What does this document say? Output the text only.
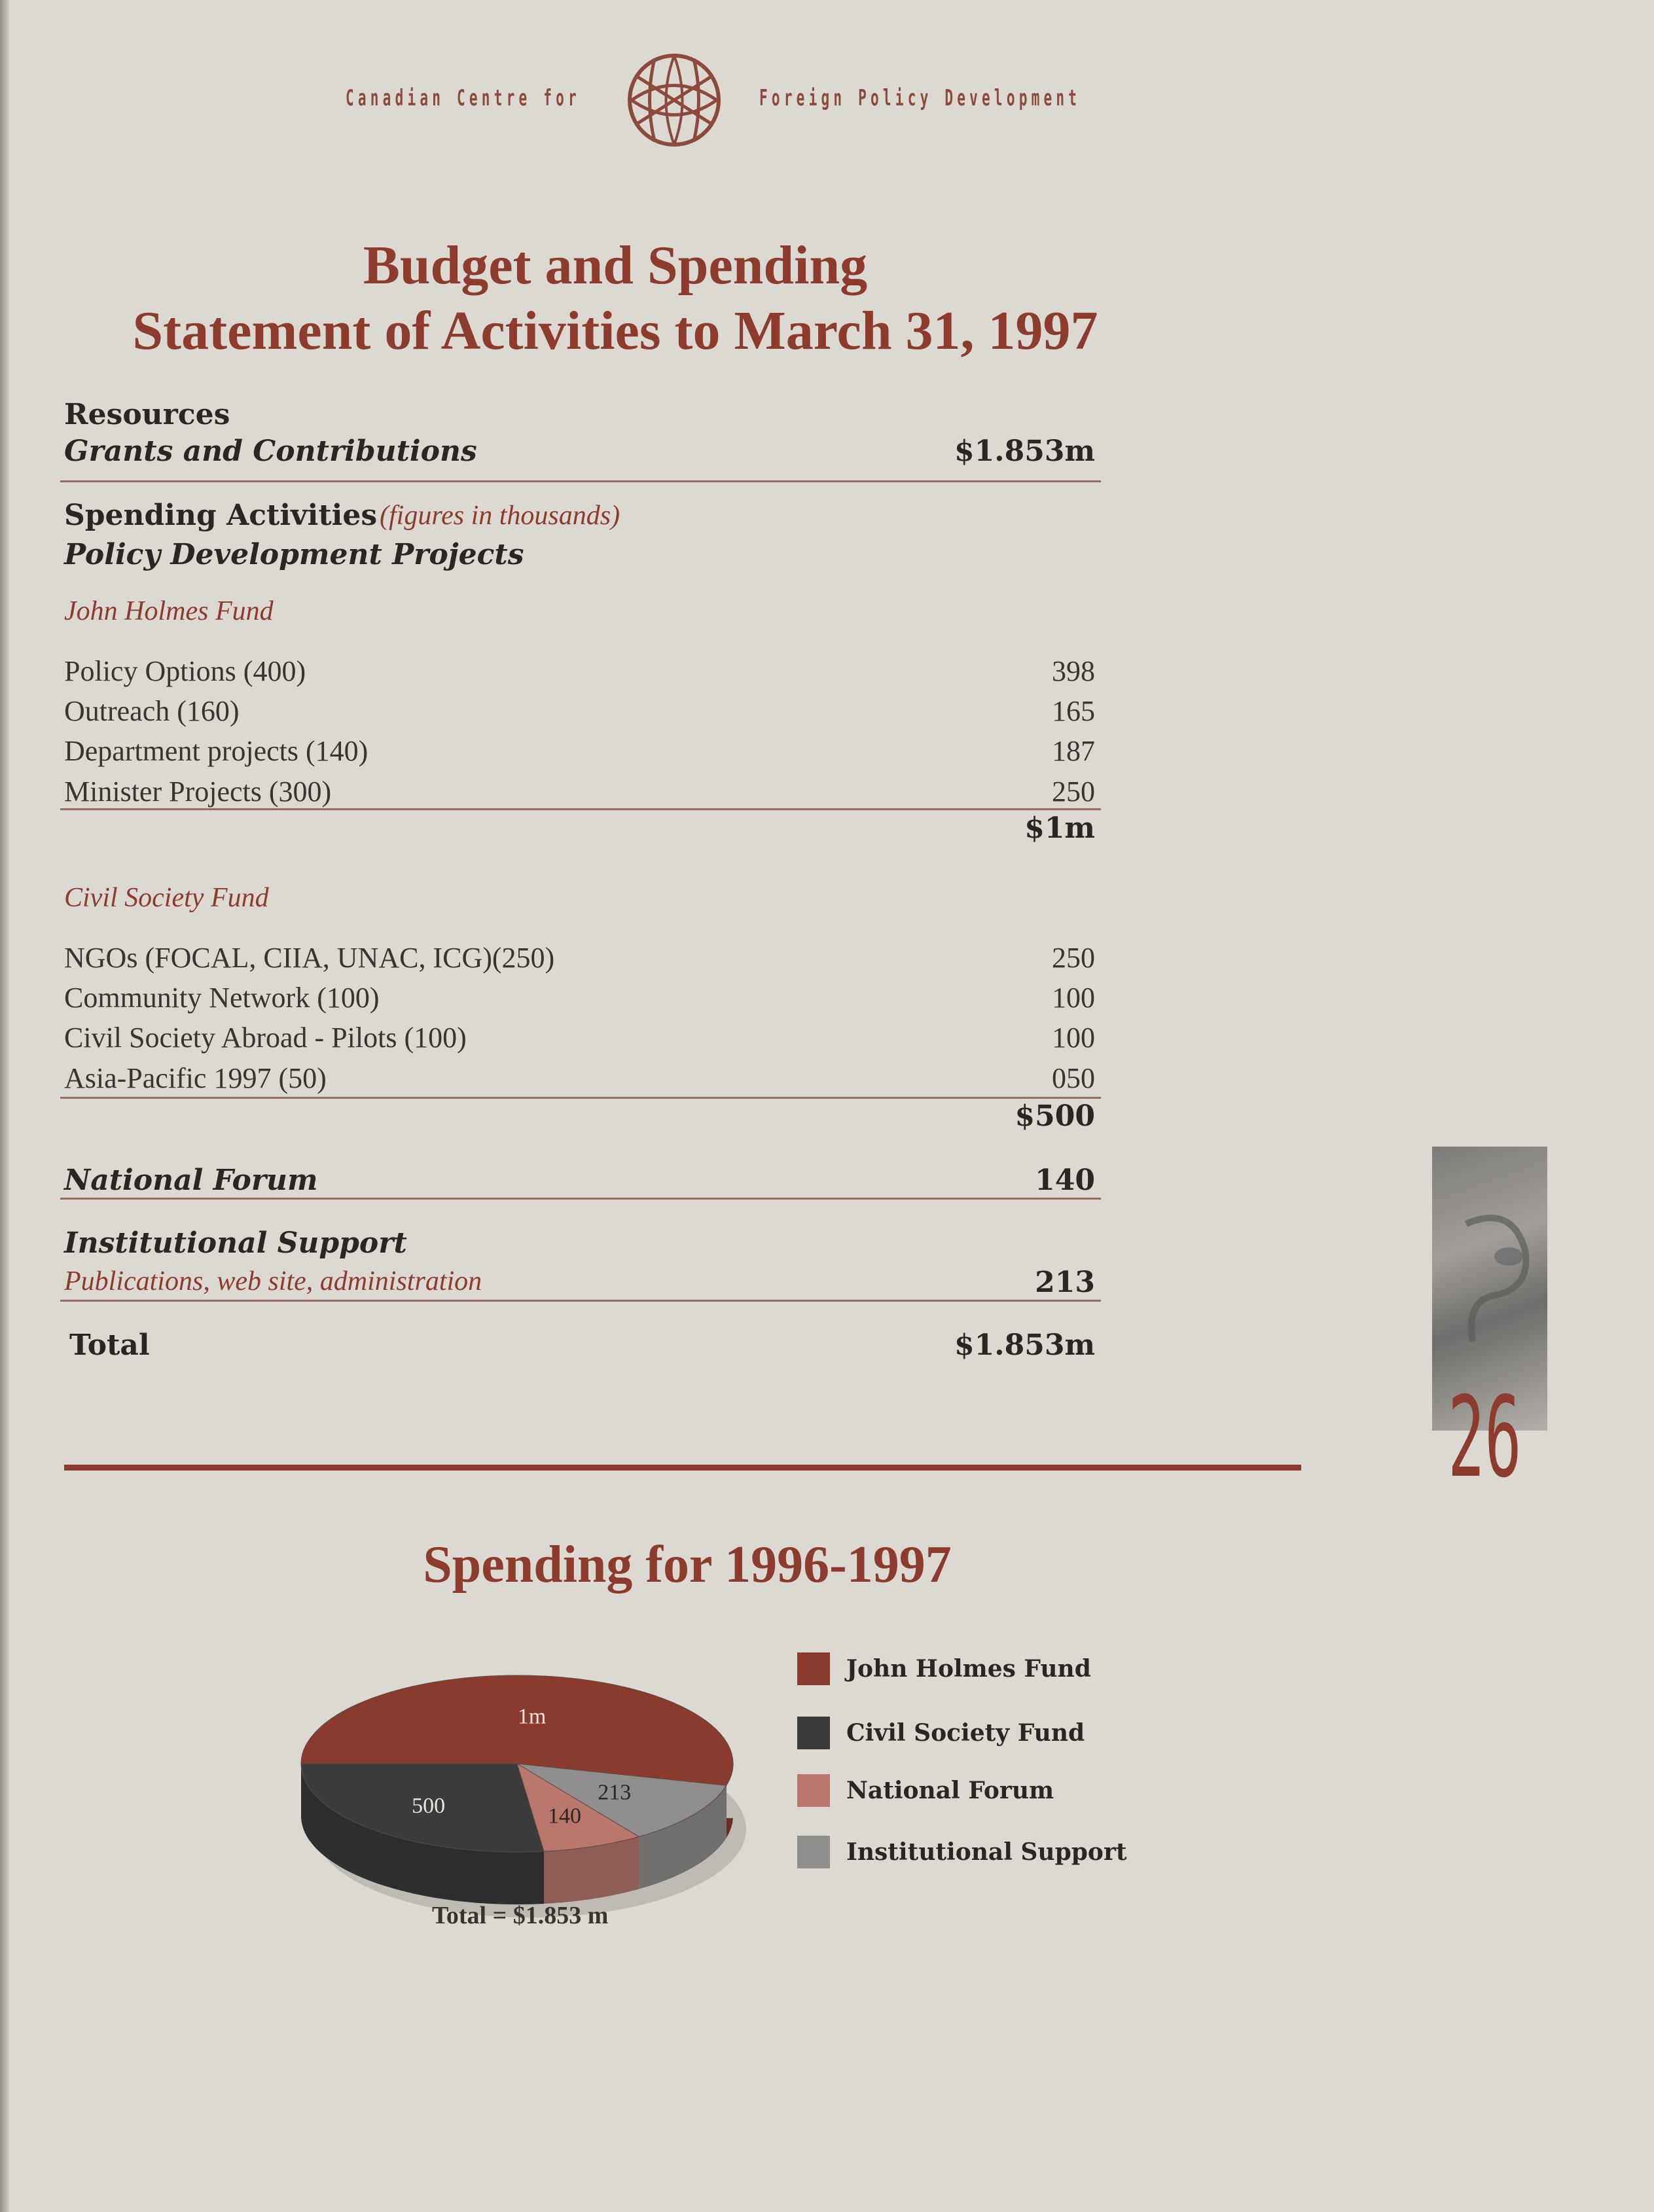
Canadian Centre for	Foreign Policy Development
Budget and Spending
Statement of Activities to March 31, 1997
Resources
Grants and Contributions	$1.853m
Spending Activities (figures in thousands)
Policy Development Projects
John Holmes Fund
Policy Options (400)	398
Outreach (160)	165
Department projects (140)	187
Minister Projects (300)	250
$1m
Civil Society Fund
NGOs (FOCAL, CIIA, UNAC, ICG)(250)	250
Community Network (100)	100
Civil Society Abroad - Pilots (100)	100
Asia-Pacific 1997 (50)	050
$500
National Forum	140
Institutional Support
Publications, web site, administration	213
Total	$1.853m
26
Spending for 1996-1997
1m
213
140
500
Total = $1.853 m
John Holmes Fund
Civil Society Fund
National Forum
Institutional Support
